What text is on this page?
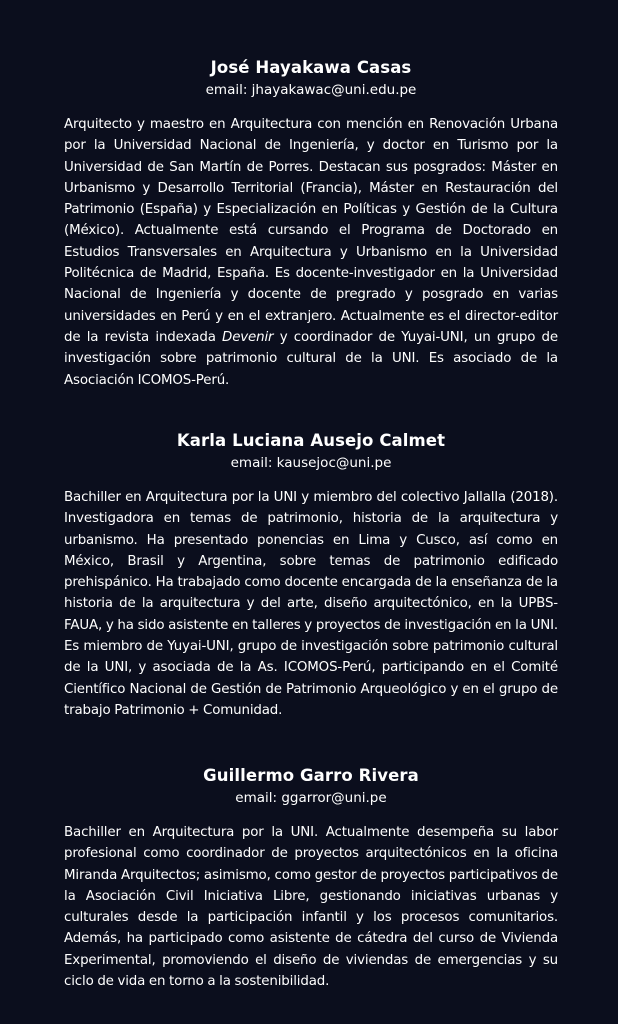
José Hayakawa Casas

email: jhayakawac@uni.edu.pe

Arquitecto y maestro en Arquitectura con mención en Renovación Urbana por la Universidad Nacional de Ingeniería, y doctor en Turismo por la Universidad de San Martín de Porres. Destacan sus posgrados: Máster en Urbanismo y Desarrollo Territorial (Francia), Máster en Restauración del Patrimonio (España) y Especialización en Políticas y Gestión de la Cultura (México). Actualmente está cursando el Programa de Doctorado en Estudios Transversales en Arquitectura y Urbanismo en la Universidad Politécnica de Madrid, España. Es docente-investigador en la Universidad Nacional de Ingeniería y docente de pregrado y posgrado en varias universidades en Perú y en el extranjero. Actualmente es el director-editor de la revista indexada Devenir y coordinador de Yuyai-UNI, un grupo de investigación sobre patrimonio cultural de la UNI. Es asociado de la Asociación ICOMOS-Perú.

Karla Luciana Ausejo Calmet

email: kausejoc@uni.pe

Bachiller en Arquitectura por la UNI y miembro del colectivo Jallalla (2018). Investigadora en temas de patrimonio, historia de la arquitectura y urbanismo. Ha presentado ponencias en Lima y Cusco, así como en México, Brasil y Argentina, sobre temas de patrimonio edificado prehispánico. Ha trabajado como docente encargada de la enseñanza de la historia de la arquitectura y del arte, diseño arquitectónico, en la UPBS-FAUA, y ha sido asistente en talleres y proyectos de investigación en la UNI. Es miembro de Yuyai-UNI, grupo de investigación sobre patrimonio cultural de la UNI, y asociada de la As. ICOMOS-Perú, participando en el Comité Científico Nacional de Gestión de Patrimonio Arqueológico y en el grupo de trabajo Patrimonio + Comunidad.

Guillermo Garro Rivera

email: ggarror@uni.pe

Bachiller en Arquitectura por la UNI. Actualmente desempeña su labor profesional como coordinador de proyectos arquitectónicos en la oficina Miranda Arquitectos; asimismo, como gestor de proyectos participativos de la Asociación Civil Iniciativa Libre, gestionando iniciativas urbanas y culturales desde la participación infantil y los procesos comunitarios. Además, ha participado como asistente de cátedra del curso de Vivienda Experimental, promoviendo el diseño de viviendas de emergencias y su ciclo de vida en torno a la sostenibilidad.
